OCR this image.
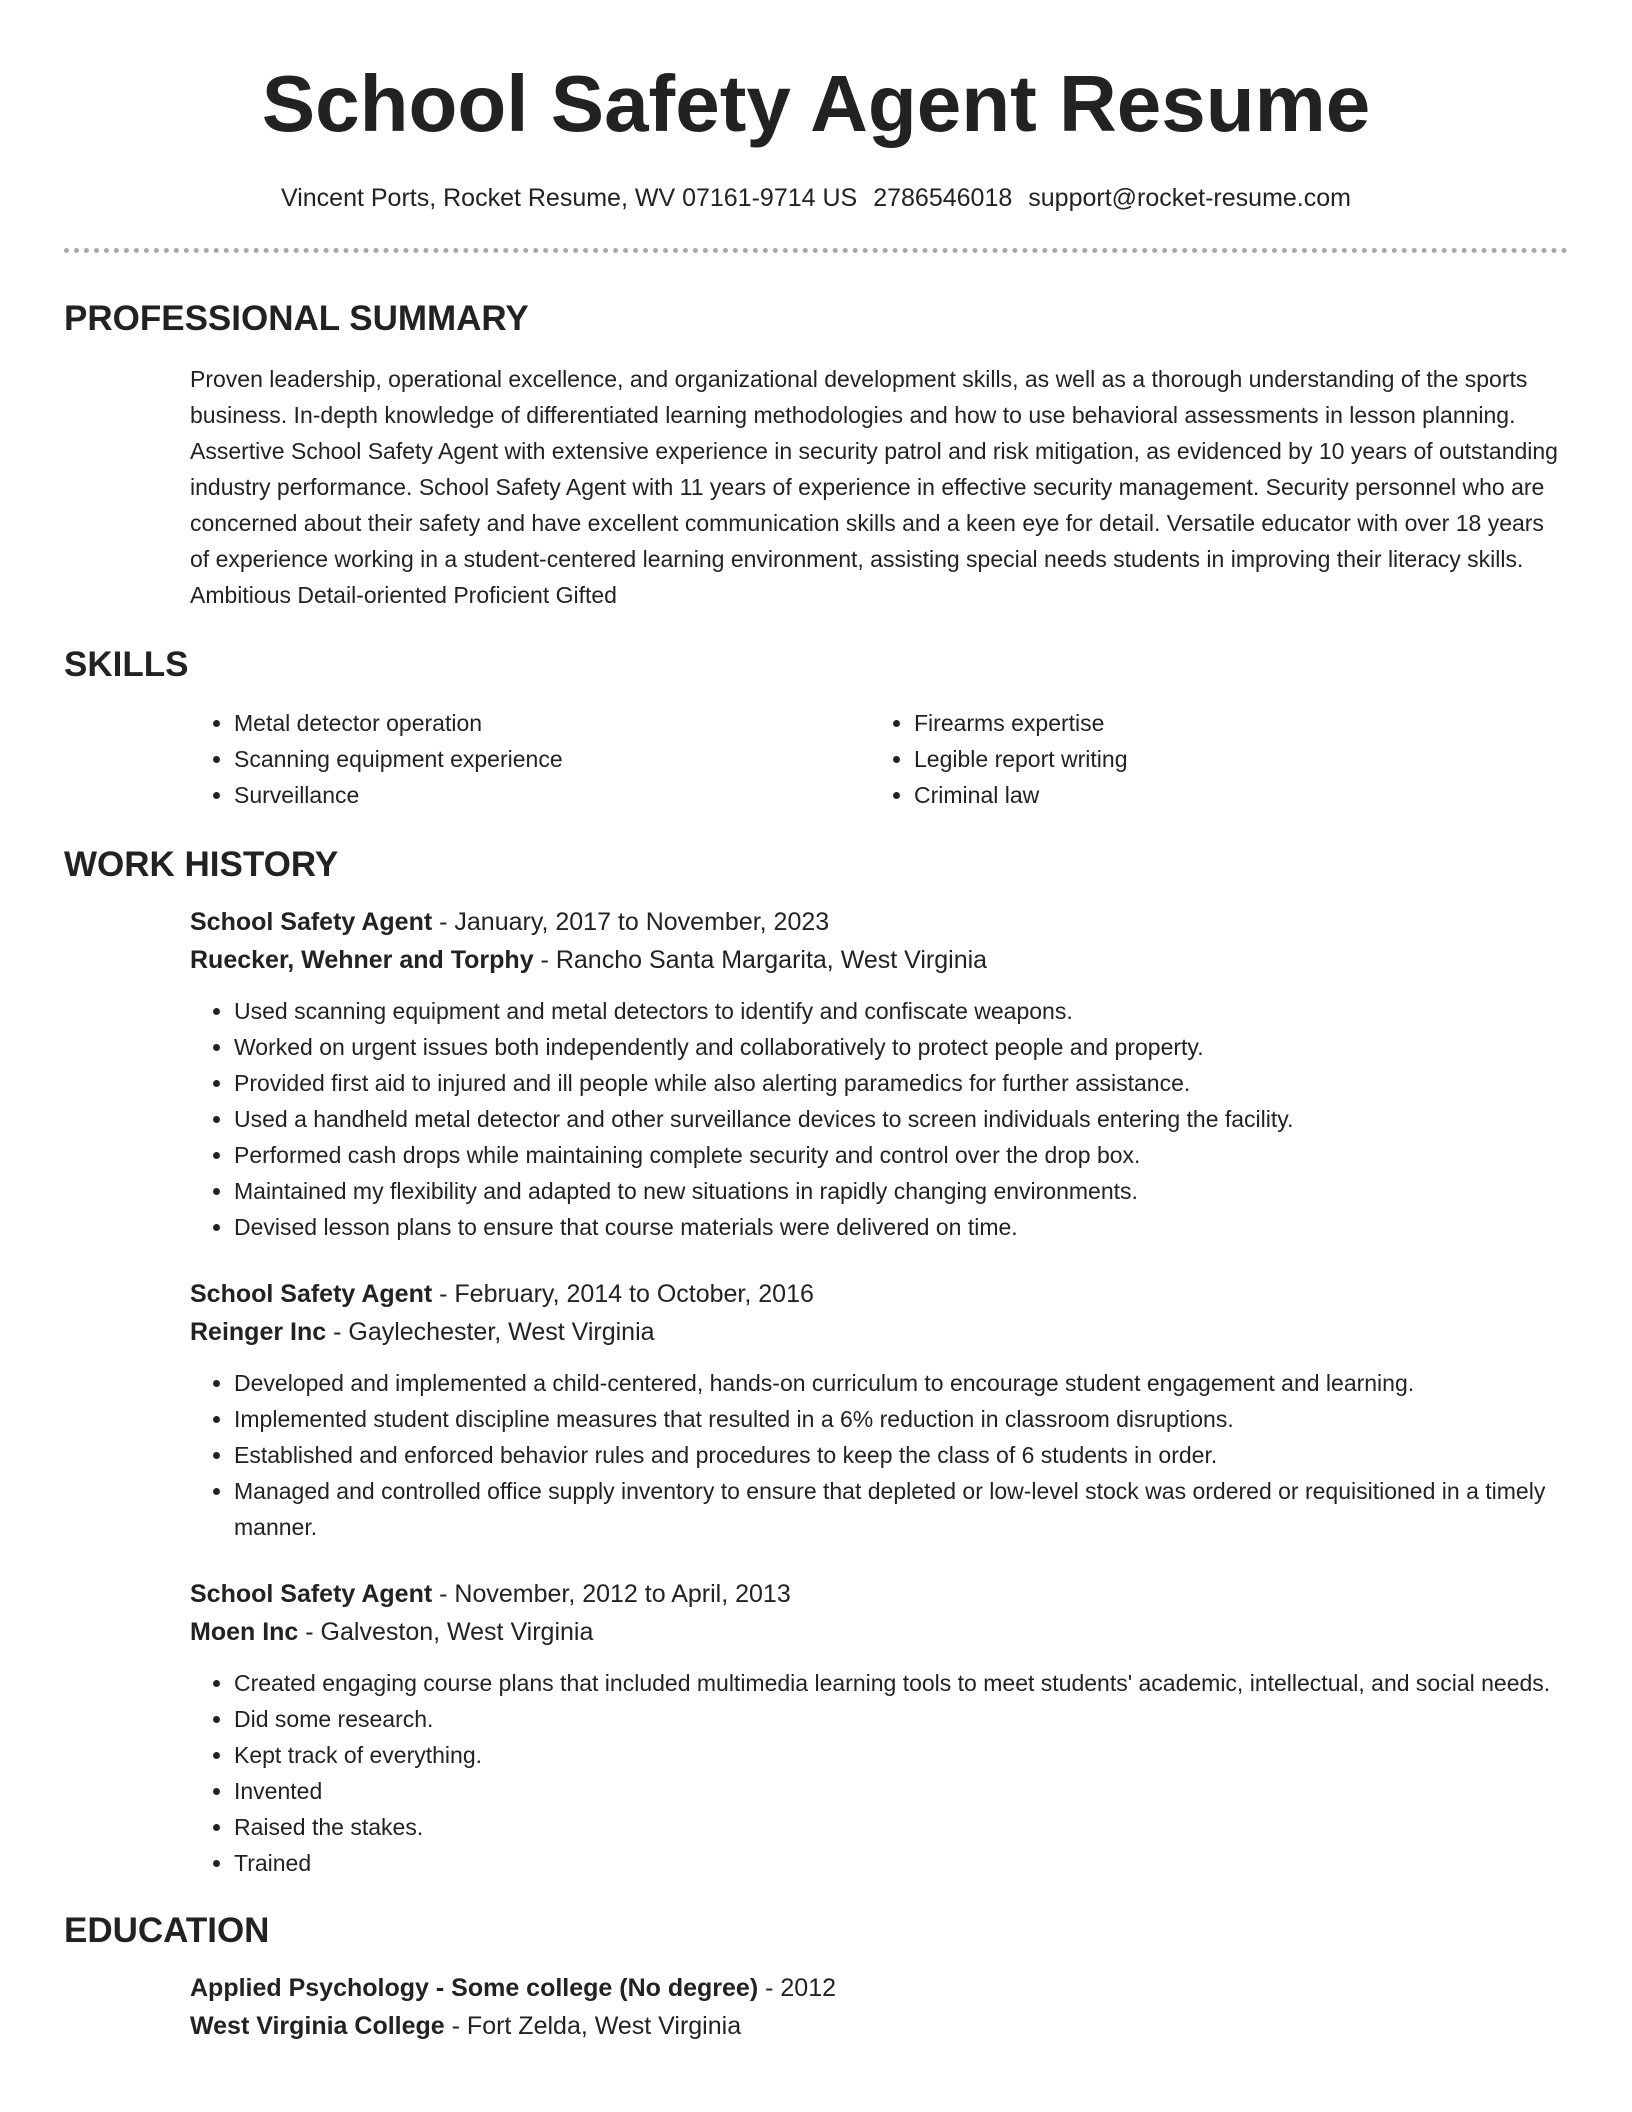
School Safety Agent Resume
Vincent Ports, Rocket Resume, WV 07161-9714 US 2786546018 support@rocket-resume.com
PROFESSIONAL SUMMARY

Proven leadership, operational excellence, and organizational development skills, as well as a thorough understanding of the sports business. In-depth knowledge of differentiated learning methodologies and how to use behavioral assessments in lesson planning. Assertive School Safety Agent with extensive experience in security patrol and risk mitigation, as evidenced by 10 years of outstanding industry performance. School Safety Agent with 11 years of experience in effective security management. Security personnel who are concerned about their safety and have excellent communication skills and a keen eye for detail. Versatile educator with over 18 years of experience working in a student-centered learning environment, assisting special needs students in improving their literacy skills. Ambitious Detail-oriented Proficient Gifted

SKILLS
• Metal detector operation
• Scanning equipment experience
• Surveillance
• Firearms expertise
• Legible report writing
• Criminal law
WORK HISTORY
School Safety Agent - January, 2017 to November, 2023
Ruecker, Wehner and Torphy - Rancho Santa Margarita, West Virginia
• Used scanning equipment and metal detectors to identify and confiscate weapons.
• Worked on urgent issues both independently and collaboratively to protect people and property.
• Provided first aid to injured and ill people while also alerting paramedics for further assistance.
• Used a handheld metal detector and other surveillance devices to screen individuals entering the facility.
• Performed cash drops while maintaining complete security and control over the drop box.
• Maintained my flexibility and adapted to new situations in rapidly changing environments.
• Devised lesson plans to ensure that course materials were delivered on time.
School Safety Agent - February, 2014 to October, 2016
Reinger Inc - Gaylechester, West Virginia
• Developed and implemented a child-centered, hands-on curriculum to encourage student engagement and learning.
• Implemented student discipline measures that resulted in a 6% reduction in classroom disruptions.
• Established and enforced behavior rules and procedures to keep the class of 6 students in order.
• Managed and controlled office supply inventory to ensure that depleted or low-level stock was ordered or requisitioned in a timely manner.
School Safety Agent - November, 2012 to April, 2013
Moen Inc - Galveston, West Virginia
• Created engaging course plans that included multimedia learning tools to meet students' academic, intellectual, and social needs.
• Did some research.
• Kept track of everything.
• Invented
• Raised the stakes.
• Trained
EDUCATION
Applied Psychology - Some college (No degree) - 2012
West Virginia College - Fort Zelda, West Virginia
